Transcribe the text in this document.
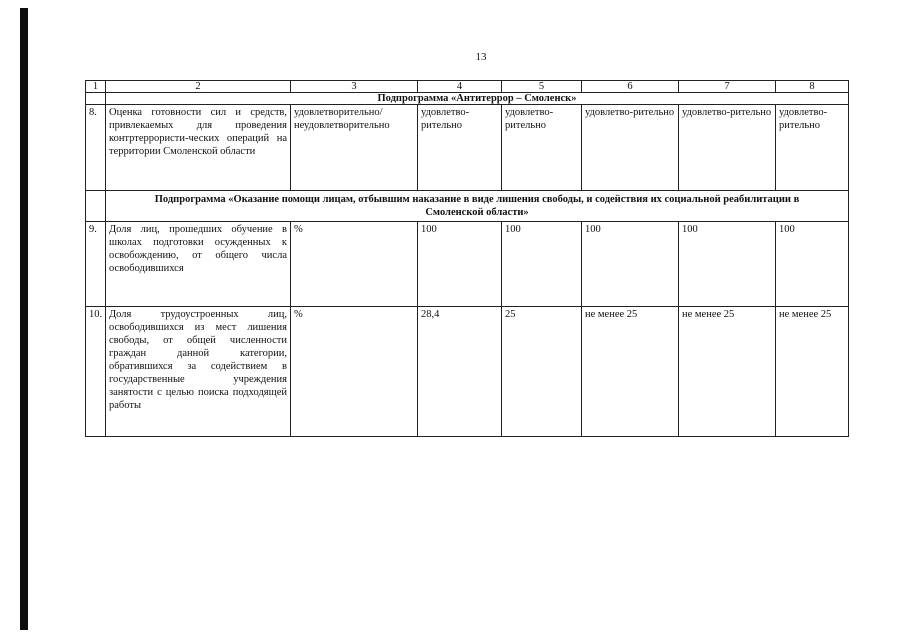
13
1	2	3	4	5	6	7	8
	Подпрограмма «Антитеррор – Смоленск»						
8.	Оценка готовности сил и средств, привлекаемых для проведения контртеррористи-ческих операций на территории Смоленской области	удовлетворительно/ неудовлетворительно	удовлетво-рительно	удовлетво-рительно	удовлетво-рительно	удовлетво-рительно	удовлетво-рительно
	Подпрограмма «Оказание помощи лицам, отбывшим наказание в виде лишения свободы, и содействия их социальной реабилитации в Смоленской области»						
9.	Доля лиц, прошедших обучение в школах подготовки осужденных к освобождению, от общего числа освободившихся	%	100	100	100	100	100
10.	Доля трудоустроенных лиц, освободившихся из мест лишения свободы, от общей численности граждан данной категории, обратившихся за содействием в государственные учреждения занятости с целью поиска подходящей работы	%	28,4	25	не менее 25	не менее 25	не менее 25
